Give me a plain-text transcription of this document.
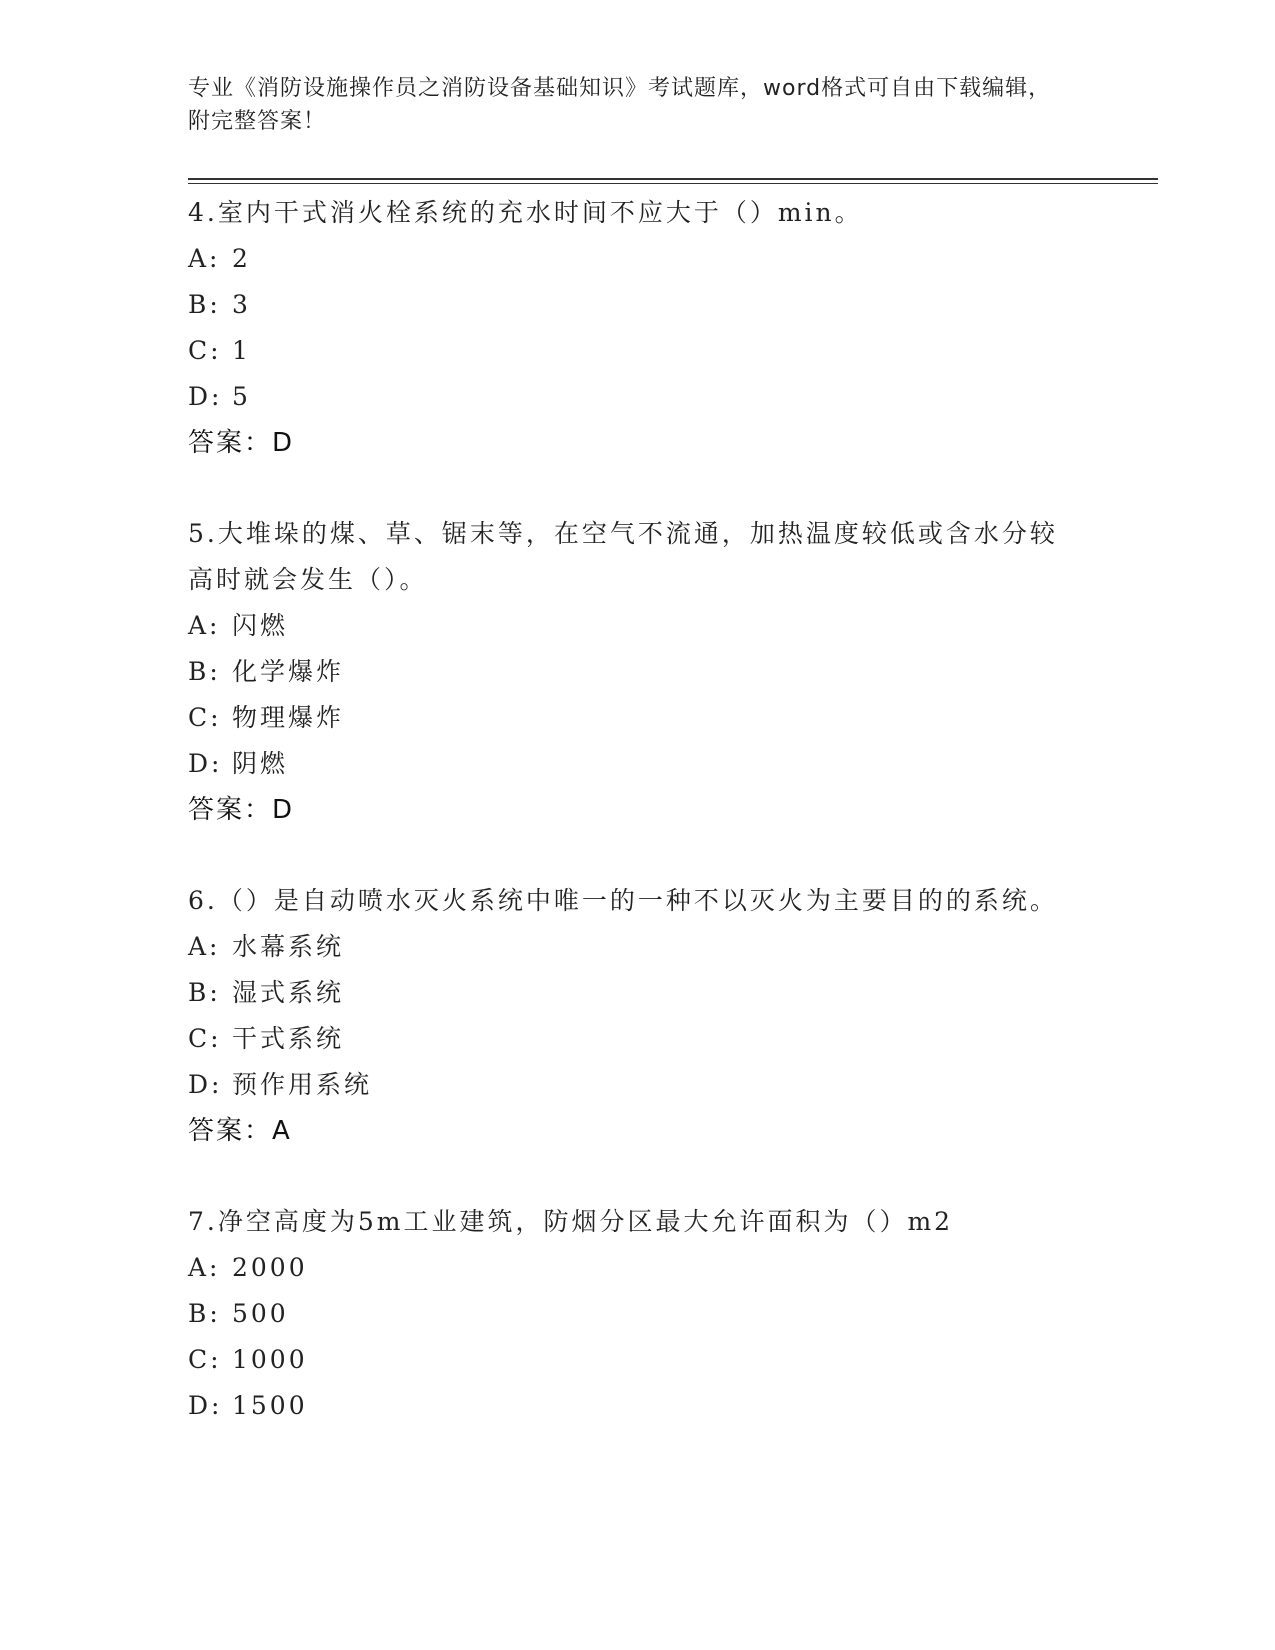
专业《消防设施操作员之消防设备基础知识》考试题库，word格式可自由下载编辑，附完整答案！

4.室内干式消火栓系统的充水时间不应大于（）min。

A: 2

B: 3

C: 1

D: 5

答案：D

5.大堆垛的煤、草、锯末等，在空气不流通，加热温度较低或含水分较高时就会发生（）。

A: 闪燃

B: 化学爆炸

C: 物理爆炸

D: 阴燃

答案：D

6.（）是自动喷水灭火系统中唯一的一种不以灭火为主要目的的系统。

A: 水幕系统

B: 湿式系统

C: 干式系统

D: 预作用系统

答案：A

7.净空高度为5m工业建筑，防烟分区最大允许面积为（）m2

A: 2000

B: 500

C: 1000

D: 1500
